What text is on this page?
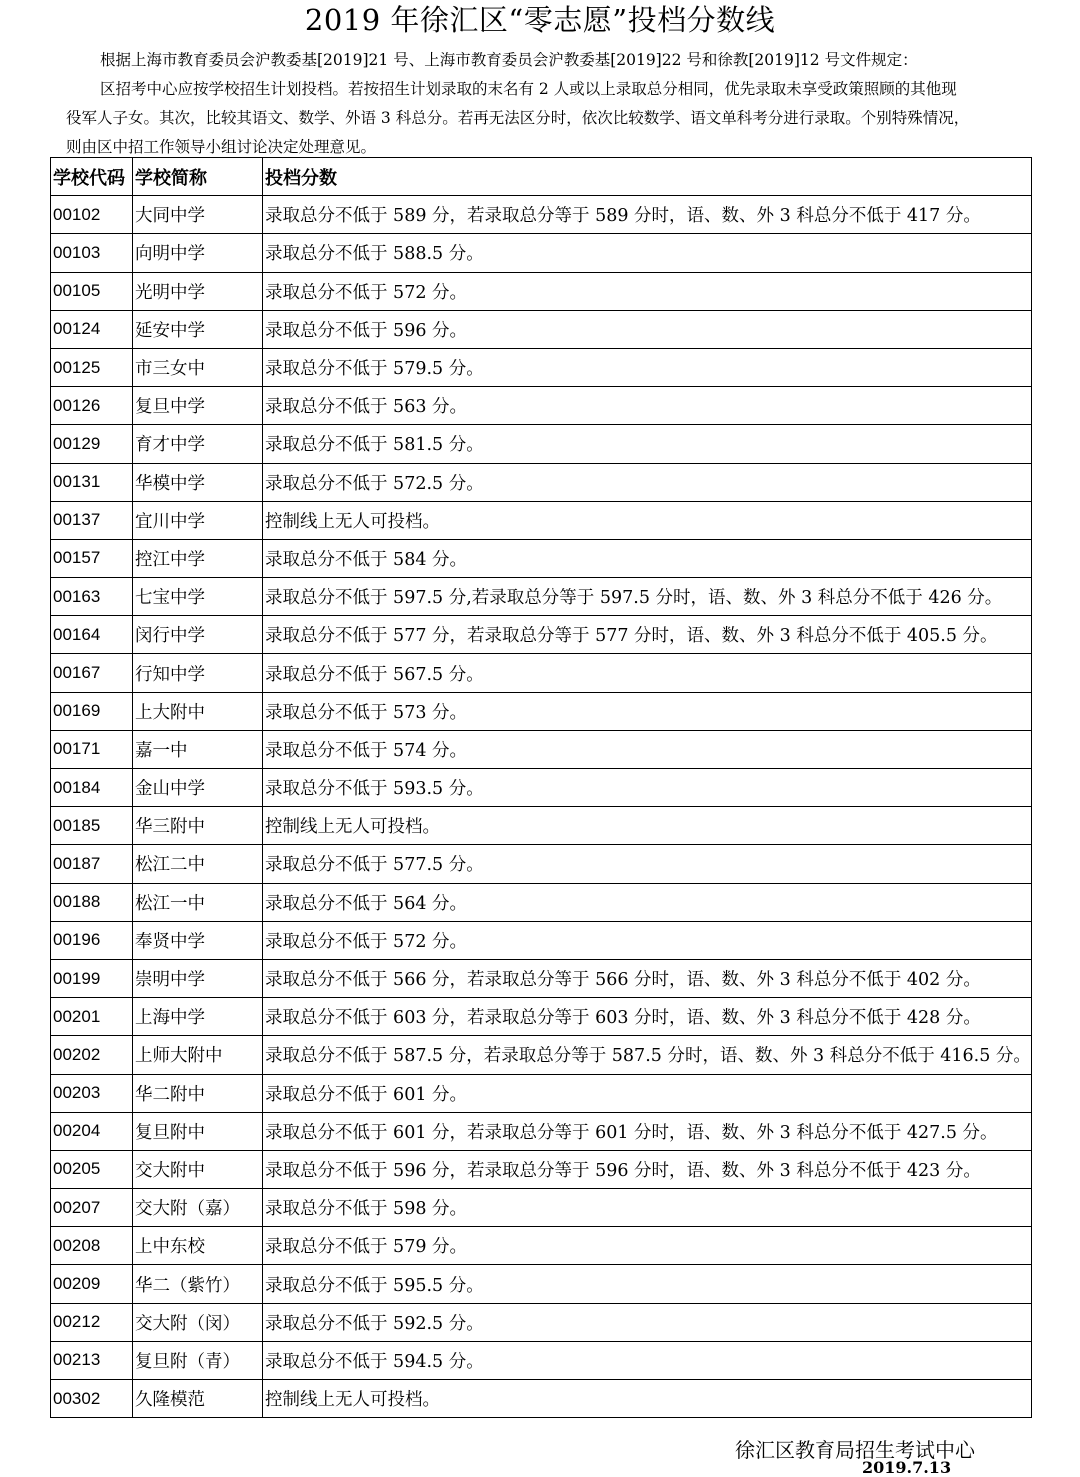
2019 年徐汇区“零志愿”投档分数线

根据上海市教育委员会沪教委基[2019]21 号、上海市教育委员会沪教委基[2019]22 号和徐教[2019]12 号文件规定：

区招考中心应按学校招生计划投档。若按招生计划录取的末名有 2 人或以上录取总分相同，优先录取未享受政策照顾的其他现

役军人子女。其次，比较其语文、数学、外语 3 科总分。若再无法区分时，依次比较数学、语文单科考分进行录取。个别特殊情况，

则由区中招工作领导小组讨论决定处理意见。

学校代码	学校简称	投档分数
00102	大同中学	录取总分不低于 589 分，若录取总分等于 589 分时，语、数、外 3 科总分不低于 417 分。
00103	向明中学	录取总分不低于 588.5 分。
00105	光明中学	录取总分不低于 572 分。
00124	延安中学	录取总分不低于 596 分。
00125	市三女中	录取总分不低于 579.5 分。
00126	复旦中学	录取总分不低于 563 分。
00129	育才中学	录取总分不低于 581.5 分。
00131	华模中学	录取总分不低于 572.5 分。
00137	宜川中学	控制线上无人可投档。
00157	控江中学	录取总分不低于 584 分。
00163	七宝中学	录取总分不低于 597.5 分,若录取总分等于 597.5 分时，语、数、外 3 科总分不低于 426 分。
00164	闵行中学	录取总分不低于 577 分，若录取总分等于 577 分时，语、数、外 3 科总分不低于 405.5 分。
00167	行知中学	录取总分不低于 567.5 分。
00169	上大附中	录取总分不低于 573 分。
00171	嘉一中	录取总分不低于 574 分。
00184	金山中学	录取总分不低于 593.5 分。
00185	华三附中	控制线上无人可投档。
00187	松江二中	录取总分不低于 577.5 分。
00188	松江一中	录取总分不低于 564 分。
00196	奉贤中学	录取总分不低于 572 分。
00199	崇明中学	录取总分不低于 566 分，若录取总分等于 566 分时，语、数、外 3 科总分不低于 402 分。
00201	上海中学	录取总分不低于 603 分，若录取总分等于 603 分时，语、数、外 3 科总分不低于 428 分。
00202	上师大附中	录取总分不低于 587.5 分，若录取总分等于 587.5 分时，语、数、外 3 科总分不低于 416.5 分。
00203	华二附中	录取总分不低于 601 分。
00204	复旦附中	录取总分不低于 601 分，若录取总分等于 601 分时，语、数、外 3 科总分不低于 427.5 分。
00205	交大附中	录取总分不低于 596 分，若录取总分等于 596 分时，语、数、外 3 科总分不低于 423 分。
00207	交大附（嘉）	录取总分不低于 598 分。
00208	上中东校	录取总分不低于 579 分。
00209	华二（紫竹）	录取总分不低于 595.5 分。
00212	交大附（闵）	录取总分不低于 592.5 分。
00213	复旦附（青）	录取总分不低于 594.5 分。
00302	久隆模范	控制线上无人可投档。
徐汇区教育局招生考试中心
2019.7.13
